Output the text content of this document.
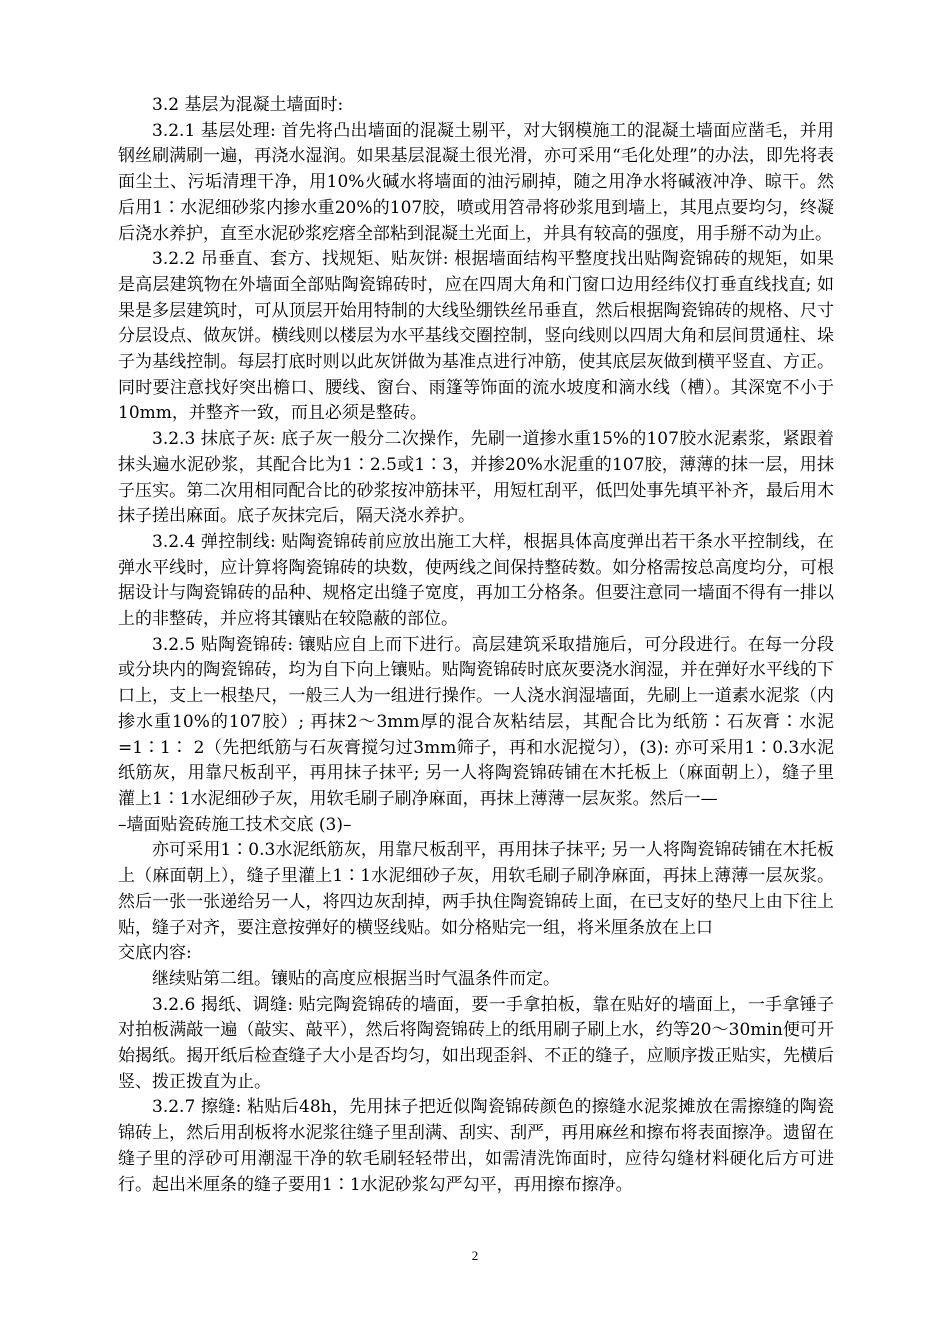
3.2 基层为混凝土墙面时:

3.2.1 基层处理: 首先将凸出墙面的混凝土剔平，对大钢模施工的混凝土墙面应凿毛，并用钢丝刷满刷一遍，再浇水湿润。如果基层混凝土很光滑，亦可采用“毛化处理”的办法，即先将表面尘土、污垢清理干净，用10%火碱水将墙面的油污刷掉，随之用净水将碱液冲净、晾干。然后用1∶水泥细砂浆内掺水重20%的107胶，喷或用笤帚将砂浆甩到墙上，其甩点要均匀，终凝后浇水养护，直至水泥砂浆疙瘩全部粘到混凝土光面上，并具有较高的强度，用手掰不动为止。

3.2.2 吊垂直、套方、找规矩、贴灰饼: 根据墙面结构平整度找出贴陶瓷锦砖的规矩，如果是高层建筑物在外墙面全部贴陶瓷锦砖时，应在四周大角和门窗口边用经纬仪打垂直线找直; 如果是多层建筑时，可从顶层开始用特制的大线坠绷铁丝吊垂直，然后根据陶瓷锦砖的规格、尺寸分层设点、做灰饼。横线则以楼层为水平基线交圈控制，竖向线则以四周大角和层间贯通柱、垛子为基线控制。每层打底时则以此灰饼做为基准点进行冲筋，使其底层灰做到横平竖直、方正。同时要注意找好突出檐口、腰线、窗台、雨篷等饰面的流水坡度和滴水线（槽）。其深宽不小于10mm，并整齐一致，而且必须是整砖。

3.2.3 抹底子灰: 底子灰一般分二次操作，先刷一道掺水重15%的107胶水泥素浆，紧跟着抹头遍水泥砂浆，其配合比为1∶2.5或1∶3，并掺20%水泥重的107胶，薄薄的抹一层，用抹子压实。第二次用相同配合比的砂浆按冲筋抹平，用短杠刮平，低凹处事先填平补齐，最后用木抹子搓出麻面。底子灰抹完后，隔天浇水养护。

3.2.4 弹控制线: 贴陶瓷锦砖前应放出施工大样，根据具体高度弹出若干条水平控制线，在弹水平线时，应计算将陶瓷锦砖的块数，使两线之间保持整砖数。如分格需按总高度均分，可根据设计与陶瓷锦砖的品种、规格定出缝子宽度，再加工分格条。但要注意同一墙面不得有一排以上的非整砖，并应将其镶贴在较隐蔽的部位。

3.2.5 贴陶瓷锦砖: 镶贴应自上而下进行。高层建筑采取措施后，可分段进行。在每一分段或分块内的陶瓷锦砖，均为自下向上镶贴。贴陶瓷锦砖时底灰要浇水润湿，并在弹好水平线的下口上，支上一根垫尺，一般三人为一组进行操作。一人浇水润湿墙面，先刷上一道素水泥浆（内掺水重10%的107胶）; 再抹2～3mm厚的混合灰粘结层，其配合比为纸筋∶石灰膏∶水泥=1∶1∶ 2（先把纸筋与石灰膏搅匀过3mm筛子，再和水泥搅匀），(3): 亦可采用1∶0.3水泥纸筋灰，用靠尺板刮平，再用抹子抹平; 另一人将陶瓷锦砖铺在木托板上（麻面朝上），缝子里灌上1∶1水泥细砂子灰，用软毛刷子刷净麻面，再抹上薄薄一层灰浆。然后一—

–墙面贴瓷砖施工技术交底 (3)–

亦可采用1∶0.3水泥纸筋灰，用靠尺板刮平，再用抹子抹平; 另一人将陶瓷锦砖铺在木托板上（麻面朝上），缝子里灌上1∶1水泥细砂子灰，用软毛刷子刷净麻面，再抹上薄薄一层灰浆。然后一张一张递给另一人，将四边灰刮掉，两手执住陶瓷锦砖上面，在已支好的垫尺上由下往上贴，缝子对齐，要注意按弹好的横竖线贴。如分格贴完一组，将米厘条放在上口

交底内容:

继续贴第二组。镶贴的高度应根据当时气温条件而定。

3.2.6 揭纸、调缝: 贴完陶瓷锦砖的墙面，要一手拿拍板，靠在贴好的墙面上，一手拿锤子对拍板满敲一遍（敲实、敲平），然后将陶瓷锦砖上的纸用刷子刷上水，约等20～30min便可开始揭纸。揭开纸后检查缝子大小是否均匀，如出现歪斜、不正的缝子，应顺序拨正贴实，先横后竖、拨正拨直为止。

3.2.7 擦缝: 粘贴后48h，先用抹子把近似陶瓷锦砖颜色的擦缝水泥浆摊放在需擦缝的陶瓷锦砖上，然后用刮板将水泥浆往缝子里刮满、刮实、刮严，再用麻丝和擦布将表面擦净。遗留在缝子里的浮砂可用潮湿干净的软毛刷轻轻带出，如需清洗饰面时，应待勾缝材料硬化后方可进行。起出米厘条的缝子要用1∶1水泥砂浆勾严勾平，再用擦布擦净。

2
